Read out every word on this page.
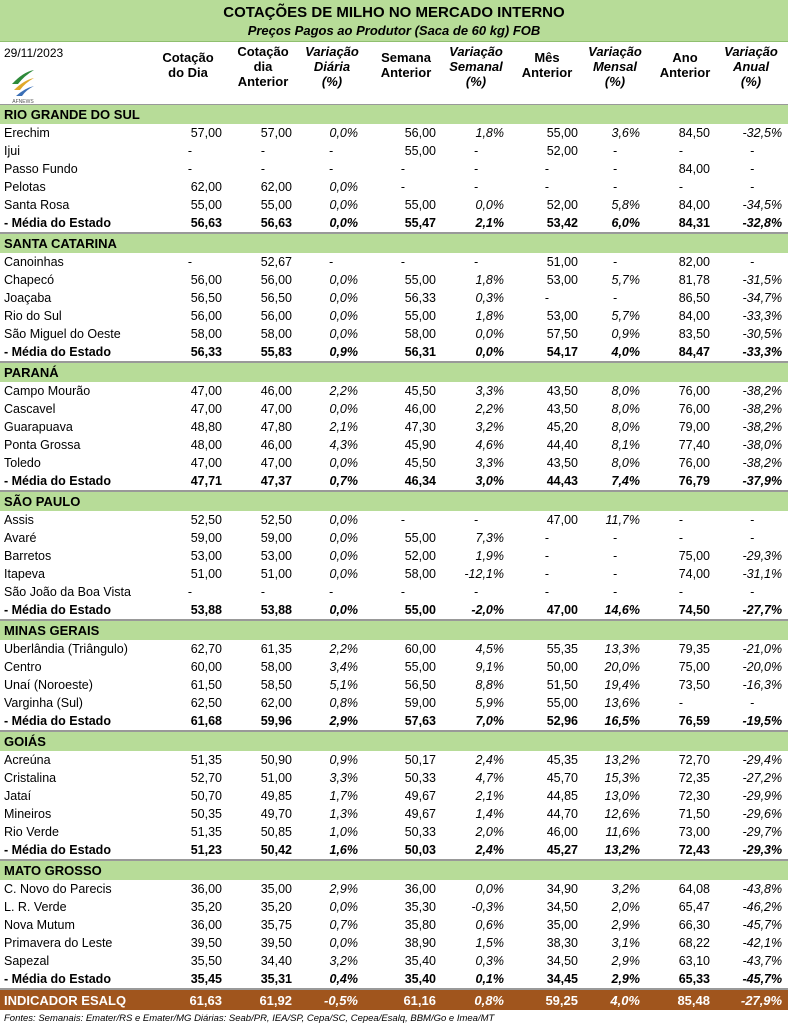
COTAÇÕES DE MILHO NO MERCADO INTERNO
Preços Pagos ao Produtor (Saca de 60 kg) FOB
29/11/2023
AFNEWS
Cotação
do Dia
Cotação
dia
Anterior
Variação
Diária
(%)
Semana
Anterior
Variação
Semanal
(%)
Mês
Anterior
Variação
Mensal
(%)
Ano
Anterior
Variação
Anual
(%)
RIO GRANDE DO SUL									
Erechim	57,00	57,00	0,0%	56,00	1,8%	55,00	3,6%	84,50	-32,5%
Ijui	-	-	-	55,00	-	52,00	-	-	-
Passo Fundo	-	-	-	-	-	-	-	84,00	-
Pelotas	62,00	62,00	0,0%	-	-	-	-	-	-
Santa Rosa	55,00	55,00	0,0%	55,00	0,0%	52,00	5,8%	84,00	-34,5%
- Média do Estado	56,63	56,63	0,0%	55,47	2,1%	53,42	6,0%	84,31	-32,8%
SANTA CATARINA									
Canoinhas	-	52,67	-	-	-	51,00	-	82,00	-
Chapecó	56,00	56,00	0,0%	55,00	1,8%	53,00	5,7%	81,78	-31,5%
Joaçaba	56,50	56,50	0,0%	56,33	0,3%	-	-	86,50	-34,7%
Rio do Sul	56,00	56,00	0,0%	55,00	1,8%	53,00	5,7%	84,00	-33,3%
São Miguel do Oeste	58,00	58,00	0,0%	58,00	0,0%	57,50	0,9%	83,50	-30,5%
- Média do Estado	56,33	55,83	0,9%	56,31	0,0%	54,17	4,0%	84,47	-33,3%
PARANÁ									
Campo Mourão	47,00	46,00	2,2%	45,50	3,3%	43,50	8,0%	76,00	-38,2%
Cascavel	47,00	47,00	0,0%	46,00	2,2%	43,50	8,0%	76,00	-38,2%
Guarapuava	48,80	47,80	2,1%	47,30	3,2%	45,20	8,0%	79,00	-38,2%
Ponta Grossa	48,00	46,00	4,3%	45,90	4,6%	44,40	8,1%	77,40	-38,0%
Toledo	47,00	47,00	0,0%	45,50	3,3%	43,50	8,0%	76,00	-38,2%
- Média do Estado	47,71	47,37	0,7%	46,34	3,0%	44,43	7,4%	76,79	-37,9%
SÃO PAULO									
Assis	52,50	52,50	0,0%	-	-	47,00	11,7%	-	-
Avaré	59,00	59,00	0,0%	55,00	7,3%	-	-	-	-
Barretos	53,00	53,00	0,0%	52,00	1,9%	-	-	75,00	-29,3%
Itapeva	51,00	51,00	0,0%	58,00	-12,1%	-	-	74,00	-31,1%
São João da Boa Vista	-	-	-	-	-	-	-	-	-
- Média do Estado	53,88	53,88	0,0%	55,00	-2,0%	47,00	14,6%	74,50	-27,7%
MINAS GERAIS									
Uberlândia (Triângulo)	62,70	61,35	2,2%	60,00	4,5%	55,35	13,3%	79,35	-21,0%
Centro	60,00	58,00	3,4%	55,00	9,1%	50,00	20,0%	75,00	-20,0%
Unaí (Noroeste)	61,50	58,50	5,1%	56,50	8,8%	51,50	19,4%	73,50	-16,3%
Varginha (Sul)	62,50	62,00	0,8%	59,00	5,9%	55,00	13,6%	-	-
- Média do Estado	61,68	59,96	2,9%	57,63	7,0%	52,96	16,5%	76,59	-19,5%
GOIÁS									
Acreúna	51,35	50,90	0,9%	50,17	2,4%	45,35	13,2%	72,70	-29,4%
Cristalina	52,70	51,00	3,3%	50,33	4,7%	45,70	15,3%	72,35	-27,2%
Jataí	50,70	49,85	1,7%	49,67	2,1%	44,85	13,0%	72,30	-29,9%
Mineiros	50,35	49,70	1,3%	49,67	1,4%	44,70	12,6%	71,50	-29,6%
Rio Verde	51,35	50,85	1,0%	50,33	2,0%	46,00	11,6%	73,00	-29,7%
- Média do Estado	51,23	50,42	1,6%	50,03	2,4%	45,27	13,2%	72,43	-29,3%
MATO GROSSO									
C. Novo do Parecis	36,00	35,00	2,9%	36,00	0,0%	34,90	3,2%	64,08	-43,8%
L. R. Verde	35,20	35,20	0,0%	35,30	-0,3%	34,50	2,0%	65,47	-46,2%
Nova Mutum	36,00	35,75	0,7%	35,80	0,6%	35,00	2,9%	66,30	-45,7%
Primavera do Leste	39,50	39,50	0,0%	38,90	1,5%	38,30	3,1%	68,22	-42,1%
Sapezal	35,50	34,40	3,2%	35,40	0,3%	34,50	2,9%	63,10	-43,7%
- Média do Estado	35,45	35,31	0,4%	35,40	0,1%	34,45	2,9%	65,33	-45,7%
INDICADOR ESALQ	61,63	61,92	-0,5%	61,16	0,8%	59,25	4,0%	85,48	-27,9%
Fontes: Semanais: Emater/RS e Emater/MG Diárias: Seab/PR, IEA/SP, Cepa/SC, Cepea/Esalq, BBM/Go e Imea/MT
